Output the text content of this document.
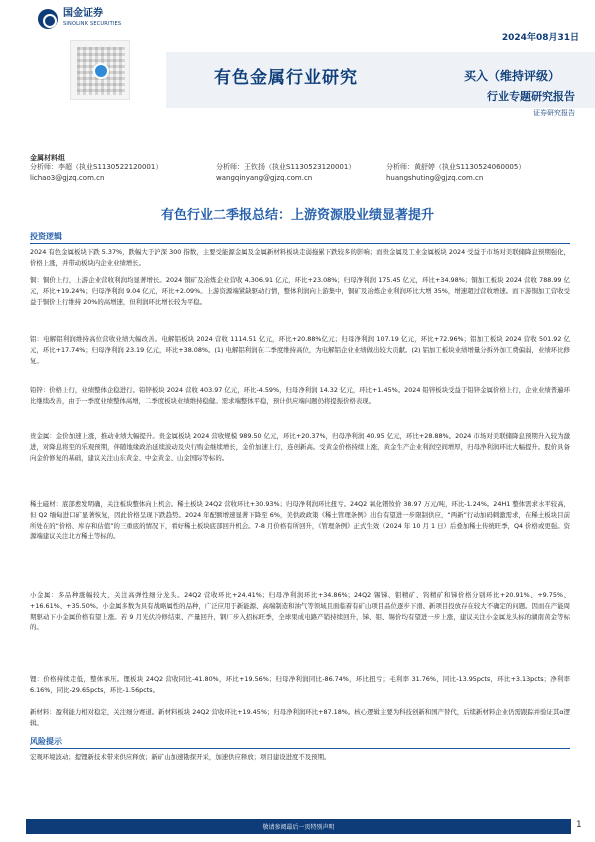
国金证券
SINOLINK SECURITIES
2024年08月31日
有色金属行业研究	买入（维持评级）
行业专题研究报告
证券研究报告
金属材料组
分析师：李超（执业S1130522120001）
lichao3@gjzq.com.cn
分析师：王钦扬（执业S1130523120001）
wangqinyang@gjzq.com.cn
分析师：黄舒婷（执业S1130524060005）
huangshuting@gjzq.com.cn
有色行业二季报总结：上游资源股业绩显著提升
投资逻辑
2024 有色金属板块下跌 5.37%，跌幅大于沪深 300 指数，主要受能源金属及金属新材料板块走弱拖累下跌较多的影响；而贵金属及工业金属板块 2024 受益于市场对美联储降息预期强化，价格上涨，并带动板块内企业业绩增长。
铜：铜价上行，上游企业营收利润均显著增长。2024 铜矿及冶炼企业营收 4,306.91 亿元，环比+23.08%；归母净利润 175.45 亿元，环比+34.98%；铜加工板块 2024 营收 788.99 亿元，环比+19.24%；归母净利润 9.04 亿元，环比+2.09%。上游资源端紧缺驱动行情，整体利润向上游集中，铜矿及冶炼企业利润环比大增 35%，增速超过营收增速。而下游铜加工营收受益于铜价上行维持 20%的高增速，但利润环比增长较为平稳。
铝：电解铝利润维持高位营收业绩大幅改善。电解铝板块 2024 营收 1114.51 亿元，环比+20.88%亿元；归母净利润 107.19 亿元，环比+72.96%；铝加工板块 2024 营收 501.92 亿元，环比+17.74%；归母净利润 23.19 亿元，环比+38.08%。(1) 电解铝利润在二季度维持高位，为电解铝企业业绩做出较大贡献。(2) 铝加工板块业绩增量分拆外加工费偏弱，业绩环比修复。
铅锌：价格上行，业绩整体企稳进行。铅锌板块 2024 营收 403.97 亿元，环比-4.59%，归母净利润 14.32 亿元，环比+1.45%。2024 铅锌板块受益于铅锌金属价格上行，企业业绩普遍环比继续改善，由于一季度业绩整体高增，二季度板块业绩维持稳健。需求端整体平稳，预计供应端问题仍将提振价格表现。
贵金属：金价加速上涨，推动业绩大幅提升。贵金属板块 2024 营收规模 989.50 亿元，环比+20.37%，归母净利润 40.95 亿元，环比+28.88%。2024 市场对美联储降息预期升入较为激进，对降息将至的乐观预期，伴随地缘政治延续波动及央行购金继续增长，金价加速上行，连创新高。受黄金价格持续上涨，黄金生产企业利润空间增厚，归母净利润环比大幅提升。股价具备向金价修复的基础，建议关注山东黄金、中金黄金、山金国际等标的。
稀土磁材：底部愈发明确，关注板块整体向上机会。稀土板块 24Q2 营收环比+30.93%；归母净利润环比扭亏。24Q2 氧化镨钕价 38.97 万元/吨，环比-1.24%。24H1 整体需求水平较高，但 Q2 缅甸进口矿显著恢复，因此价格呈现下跌趋势。2024 年配额增速显著下降至 6%，美供政政策《稀土管理条例》出台有望进一步限制供应，“两新”行动加码刺激需求，在稀土板块目前所处在的“价格、库存和估值”的三重底的情况下，看好稀土板块底部回升机会。7-8 月价格有所回升，《管理条例》正式生效（2024 年 10 月 1 日）后叠加稀土传统旺季，Q4 价格或更强。资源端建议关注北方稀土等标的。
小金属：多品种涨幅较大，关注高弹性细分龙头。24Q2 营收环比+24.41%；归母净利润环比+34.86%；24Q2 锡锑、钼精矿、钨精矿和锑价格分别环比+20.91%、+9.75%、+16.61%、+35.50%。小金属多数为具有战略属性的品种，广泛应用于新能源、高端制造和油气等领域且面临着有矿山项目品位逐步下滑、新项目投放存在较大不确定的问题。因而在产能周期驱动下小金属价格有望上涨。若 9 月光伏冷修结束、产量回升，钢厂步入招标旺季，全球果成电路产销持续回升，锑、钼、锡价均有望进一步上涨，建议关注小金属龙头标的湖南黄金等标的。
锂：价格持续走低，整体承压。锂板块 24Q2 营收同比-41.80%，环比+19.56%；归母净利润同比-86.74%，环比扭亏；毛利率 31.76%，同比-13.95pcts，环比+3.13pcts；净利率 6.16%，同比-29.65pcts，环比-1.56pcts。
新材料：盈利能力相对稳定，关注细分赛道。新材料板块 24Q2 营收环比+19.45%；归母净利润环比+87.18%。核心逻辑主要为科技创新和国产替代，后续新材料企业仍需跟踪并验证其α逻辑。
风险提示
宏观环境波动；提锂新技术带来供应释放；新矿山加速勘探开采，加速供应释放；项目建设进度不及预期。
敬请参阅最后一页特别声明	1
